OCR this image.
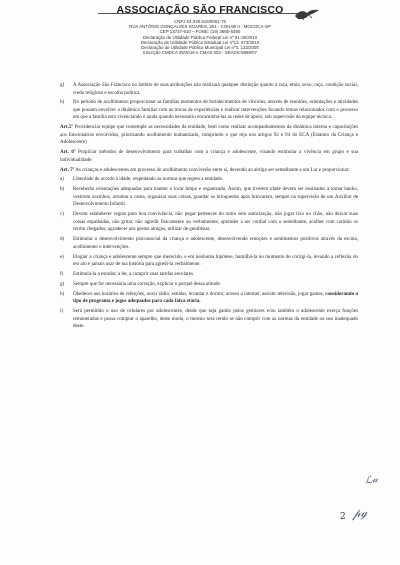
ASSOCIAÇÃO SÃO FRANCISCO
CNPJ 04.029.515/0001-75
RUA ANTÔNIO GONÇALVES SOARES, 201 - COHAB II - MOCOCA-SP
CEP 13737-610 – FONE: (19) 3665-6490
Declaração de Utilidade Pública Federal Lei nº 91-35/2010
Declaração de Utilidade Pública Estadual Lei nº13. 973/2010
Declaração de Utilidade Pública Municipal Lei nº3. 133/2000
Inscrição CMDCA 05/2018 e CMAS 003 - SEADS-5998/07

g) A Associação São Francisco no âmbito de suas atribuições não realizará qualquer distinção quanto à raça, etnia, sexo, raça, condição social, credo religioso e escolha política.

h) No período de acolhimento proporcionar as famílias momentos de fortalecimentos de vínculos, através de reuniões, orientações e atividades que possam envolver a dinâmica familiar com as trocas de experiências e realizar intervenções focando temas relacionados com o processo em que a família está vivenciando e ainda quando necessário encaminhá-las as redes de apoio, sob supervisão da equipe técnica.

Art.5º Providenciar equipe que contemple as necessidades da entidade, bem como realizar acompanhamentos da dinâmica interna e capacitações aos funcionários envolvidos, priorizando acolhimento humanizado, cumprindo o que reja nos artigos 92 e 94 do ECA (Estatuto da Criança e Adolescente)

Art. 6º Propiciar métodos de desenvolvimento para trabalhar com a criança e adolescente, visando estimular a vivência em grupo e sua individualidade:

Art. 7º As crianças e adolescentes em processo de acolhimento conviverão entre si, devendo ao abrigo ser semelhante a um Lar e proporcionar:

a) Liberdade de acordo à idade, respeitando as normas que regem a entidade.

b) Receberão orientações adequadas para manter o local limpo e organizado. Assim, que tiverem idade devem ser ensinados a tomar banho, vestirem sozinhos, arrumar a cama, organizar suas coisas, guardar os brinquedos após brincarem, sempre na supervisão de um Auxiliar de Desenvolvimento Infantil.

c) Devem estabelecer regras para boa convivência, não pegar pertences do outro sem autorização, não jogar lixo no chão, não deixar suas coisas espalhadas, não gritar, não agredir fisicamente ou verbalmente, aprender a ser cordial com o semelhante, acolher com carinho os recém chegados, agradecer aos gestos amigos, utilizar de gentilezas.

d) Estimular o desenvolvimento psicossocial da criança e adolescente, desenvolvendo emoções e sentimentos positivos através da escuta, acolhimento e intervenções.

e) Elogiar a criança e adolescente sempre que merecido, e em nenhuma hipótese, humilhá-la no momento de corrigi-la, levando a reflexão do teu ato e jamais usar de tua história para agredi-la verbalmente.

f) Estimulá-la a estudar, a ler, a cumprir suas tarefas escolares.

g) Sempre que for necessária uma correção, explicar o porquê dessa atitude.

h) Obedecer aos horários de refeições, ouvir rádio, estudar, levantar e dormir, acesso a internet, assistir televisão, jogar games, considerando o tipo de programa e jogos adequados para cada faixa etária.

i) Será permitido o uso de celulares por adolescentes, desde que seja ganho pelos genitores e/ou também o adolescente exerça funções remuneradas e possa comprar o aparelho, deste modo, o mesmo será retido se não cumprir com as normas da entidade ou uso inadequado deste.

ℒ𝓊
2 𝓅ℊ
